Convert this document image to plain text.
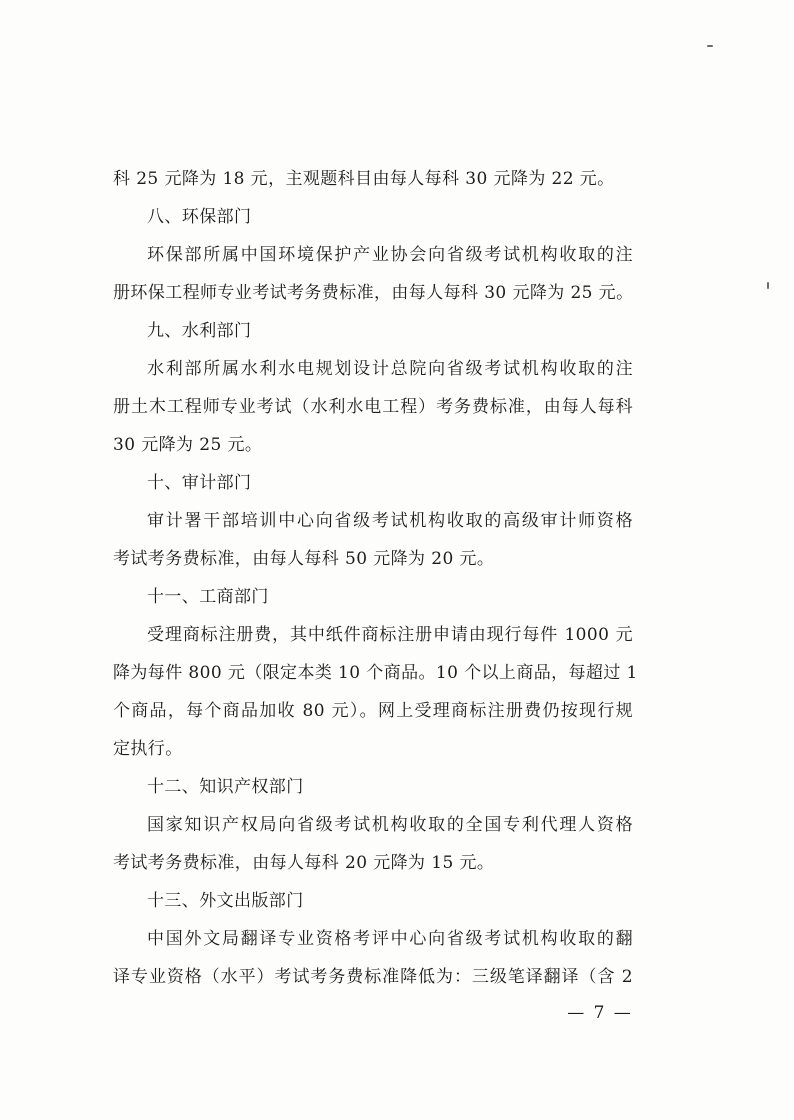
科 25 元降为 18 元，主观题科目由每人每科 30 元降为 22 元。
八、环保部门
环保部所属中国环境保护产业协会向省级考试机构收取的注
册环保工程师专业考试考务费标准，由每人每科 30 元降为 25 元。
九、水利部门
水利部所属水利水电规划设计总院向省级考试机构收取的注
册土木工程师专业考试（水利水电工程）考务费标准，由每人每科
30 元降为 25 元。
十、审计部门
审计署干部培训中心向省级考试机构收取的高级审计师资格
考试考务费标准，由每人每科 50 元降为 20 元。
十一、工商部门
受理商标注册费，其中纸件商标注册申请由现行每件 1000 元
降为每件 800 元（限定本类 10 个商品。10 个以上商品，每超过 1
个商品，每个商品加收 80 元）。网上受理商标注册费仍按现行规
定执行。
十二、知识产权部门
国家知识产权局向省级考试机构收取的全国专利代理人资格
考试考务费标准，由每人每科 20 元降为 15 元。
十三、外文出版部门
中国外文局翻译专业资格考评中心向省级考试机构收取的翻
译专业资格（水平）考试考务费标准降低为：三级笔译翻译（含 2
— 7 —
